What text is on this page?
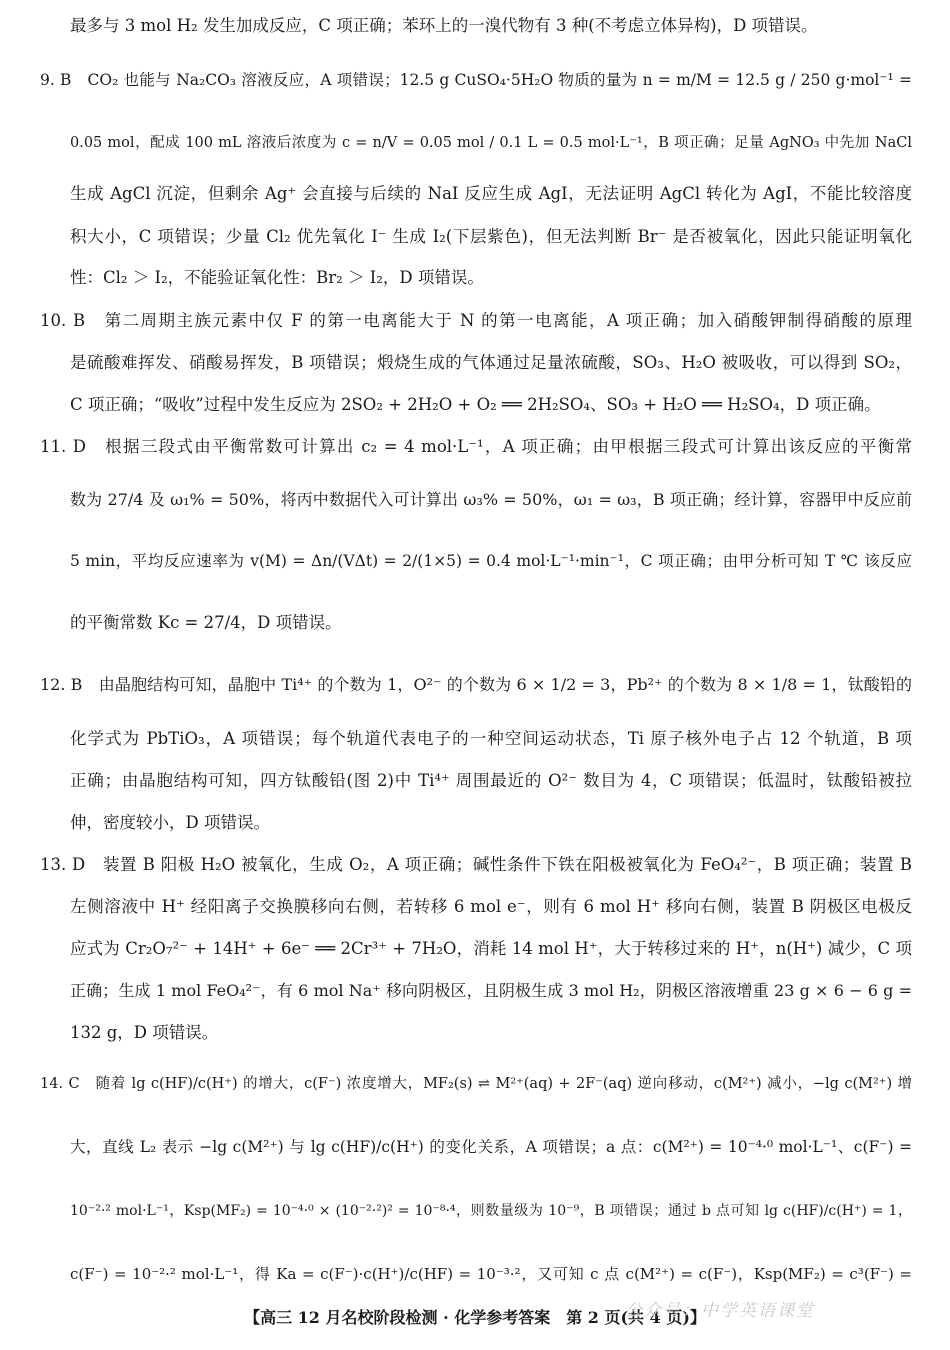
最多与 3 mol H₂ 发生加成反应，C 项正确；苯环上的一溴代物有 3 种(不考虑立体异构)，D 项错误。
9. B　CO₂ 也能与 Na₂CO₃ 溶液反应，A 项错误；12.5 g CuSO₄·5H₂O 物质的量为 n = m/M = 12.5 g / 250 g·mol⁻¹ =
0.05 mol，配成 100 mL 溶液后浓度为 c = n/V = 0.05 mol / 0.1 L = 0.5 mol·L⁻¹，B 项正确；足量 AgNO₃ 中先加 NaCl
生成 AgCl 沉淀，但剩余 Ag⁺ 会直接与后续的 NaI 反应生成 AgI，无法证明 AgCl 转化为 AgI，不能比较溶度
积大小，C 项错误；少量 Cl₂ 优先氧化 I⁻ 生成 I₂(下层紫色)，但无法判断 Br⁻ 是否被氧化，因此只能证明氧化
性：Cl₂ ＞ I₂，不能验证氧化性：Br₂ ＞ I₂，D 项错误。
10. B　第二周期主族元素中仅 F 的第一电离能大于 N 的第一电离能，A 项正确；加入硝酸钾制得硝酸的原理
是硫酸难挥发、硝酸易挥发，B 项错误；煅烧生成的气体通过足量浓硫酸，SO₃、H₂O 被吸收，可以得到 SO₂，
C 项正确；“吸收”过程中发生反应为 2SO₂ + 2H₂O + O₂ ══ 2H₂SO₄、SO₃ + H₂O ══ H₂SO₄，D 项正确。
11. D　根据三段式由平衡常数可计算出 c₂ = 4 mol·L⁻¹，A 项正确；由甲根据三段式可计算出该反应的平衡常
数为 27/4 及 ω₁% = 50%，将丙中数据代入可计算出 ω₃% = 50%，ω₁ = ω₃，B 项正确；经计算，容器甲中反应前
5 min，平均反应速率为 v(M) = Δn/(VΔt) = 2/(1×5) = 0.4 mol·L⁻¹·min⁻¹，C 项正确；由甲分析可知 T ℃ 该反应
的平衡常数 Kc = 27/4，D 项错误。
12. B　由晶胞结构可知，晶胞中 Ti⁴⁺ 的个数为 1，O²⁻ 的个数为 6 × 1/2 = 3，Pb²⁺ 的个数为 8 × 1/8 = 1，钛酸铅的
化学式为 PbTiO₃，A 项错误；每个轨道代表电子的一种空间运动状态，Ti 原子核外电子占 12 个轨道，B 项
正确；由晶胞结构可知，四方钛酸铅(图 2)中 Ti⁴⁺ 周围最近的 O²⁻ 数目为 4，C 项错误；低温时，钛酸铅被拉
伸，密度较小，D 项错误。
13. D　装置 B 阳极 H₂O 被氧化，生成 O₂，A 项正确；碱性条件下铁在阳极被氧化为 FeO₄²⁻，B 项正确；装置 B
左侧溶液中 H⁺ 经阳离子交换膜移向右侧，若转移 6 mol e⁻，则有 6 mol H⁺ 移向右侧，装置 B 阴极区电极反
应式为 Cr₂O₇²⁻ + 14H⁺ + 6e⁻ ══ 2Cr³⁺ + 7H₂O，消耗 14 mol H⁺，大于转移过来的 H⁺，n(H⁺) 减少，C 项
正确；生成 1 mol FeO₄²⁻，有 6 mol Na⁺ 移向阴极区，且阴极生成 3 mol H₂，阴极区溶液增重 23 g × 6 − 6 g =
132 g，D 项错误。
14. C　随着 lg c(HF)/c(H⁺) 的增大，c(F⁻) 浓度增大，MF₂(s) ⇌ M²⁺(aq) + 2F⁻(aq) 逆向移动，c(M²⁺) 减小，−lg c(M²⁺) 增
大，直线 L₂ 表示 −lg c(M²⁺) 与 lg c(HF)/c(H⁺) 的变化关系，A 项错误；a 点：c(M²⁺) = 10⁻⁴·⁰ mol·L⁻¹、c(F⁻) =
10⁻²·² mol·L⁻¹，Ksp(MF₂) = 10⁻⁴·⁰ × (10⁻²·²)² = 10⁻⁸·⁴，则数量级为 10⁻⁹，B 项错误；通过 b 点可知 lg c(HF)/c(H⁺) = 1，
c(F⁻) = 10⁻²·² mol·L⁻¹，得 Ka = c(F⁻)·c(H⁺)/c(HF) = 10⁻³·²，又可知 c 点 c(M²⁺) = c(F⁻)，Ksp(MF₂) = c³(F⁻) =
【高三 12 月名校阶段检测 · 化学参考答案　第 2 页(共 4 页)】
公众号：中学英语课堂
